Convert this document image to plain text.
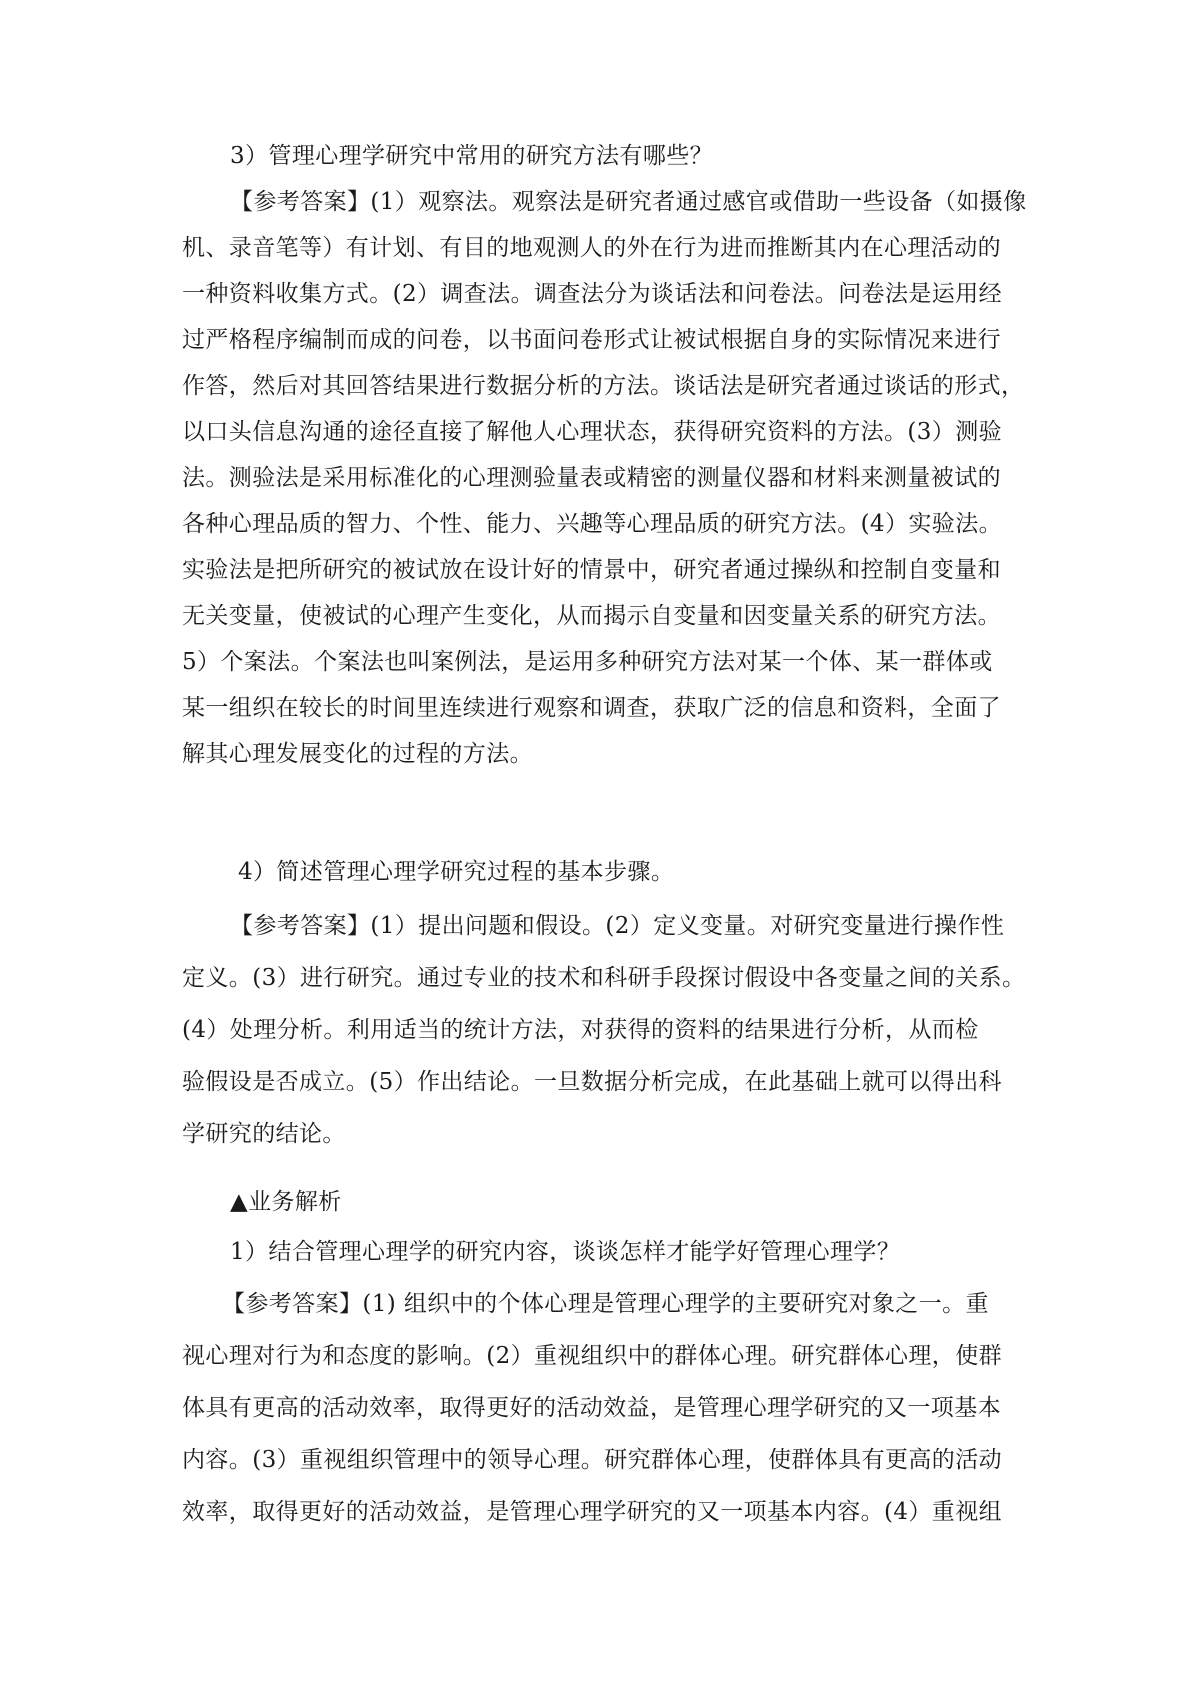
3）管理心理学研究中常用的研究方法有哪些？
【参考答案】(1）观察法。观察法是研究者通过感官或借助一些设备（如摄像
机、录音笔等）有计划、有目的地观测人的外在行为进而推断其内在心理活动的
一种资料收集方式。(2）调查法。调查法分为谈话法和问卷法。问卷法是运用经
过严格程序编制而成的问卷，以书面问卷形式让被试根据自身的实际情况来进行
作答，然后对其回答结果进行数据分析的方法。谈话法是研究者通过谈话的形式，
以口头信息沟通的途径直接了解他人心理状态，获得研究资料的方法。(3）测验
法。测验法是采用标准化的心理测验量表或精密的测量仪器和材料来测量被试的
各种心理品质的智力、个性、能力、兴趣等心理品质的研究方法。(4）实验法。
实验法是把所研究的被试放在设计好的情景中，研究者通过操纵和控制自变量和
无关变量，使被试的心理产生变化，从而揭示自变量和因变量关系的研究方法。
5）个案法。个案法也叫案例法，是运用多种研究方法对某一个体、某一群体或
某一组织在较长的时间里连续进行观察和调查，获取广泛的信息和资料，全面了
解其心理发展变化的过程的方法。
4）简述管理心理学研究过程的基本步骤。
【参考答案】(1）提出问题和假设。(2）定义变量。对研究变量进行操作性
定义。(3）进行研究。通过专业的技术和科研手段探讨假设中各变量之间的关系。
(4）处理分析。利用适当的统计方法，对获得的资料的结果进行分析，从而检
验假设是否成立。(5）作出结论。一旦数据分析完成，在此基础上就可以得出科
学研究的结论。
▲业务解析
1）结合管理心理学的研究内容，谈谈怎样才能学好管理心理学？
【参考答案】(1) 组织中的个体心理是管理心理学的主要研究对象之一。重
视心理对行为和态度的影响。(2）重视组织中的群体心理。研究群体心理，使群
体具有更高的活动效率，取得更好的活动效益，是管理心理学研究的又一项基本
内容。(3）重视组织管理中的领导心理。研究群体心理，使群体具有更高的活动
效率，取得更好的活动效益，是管理心理学研究的又一项基本内容。(4）重视组
